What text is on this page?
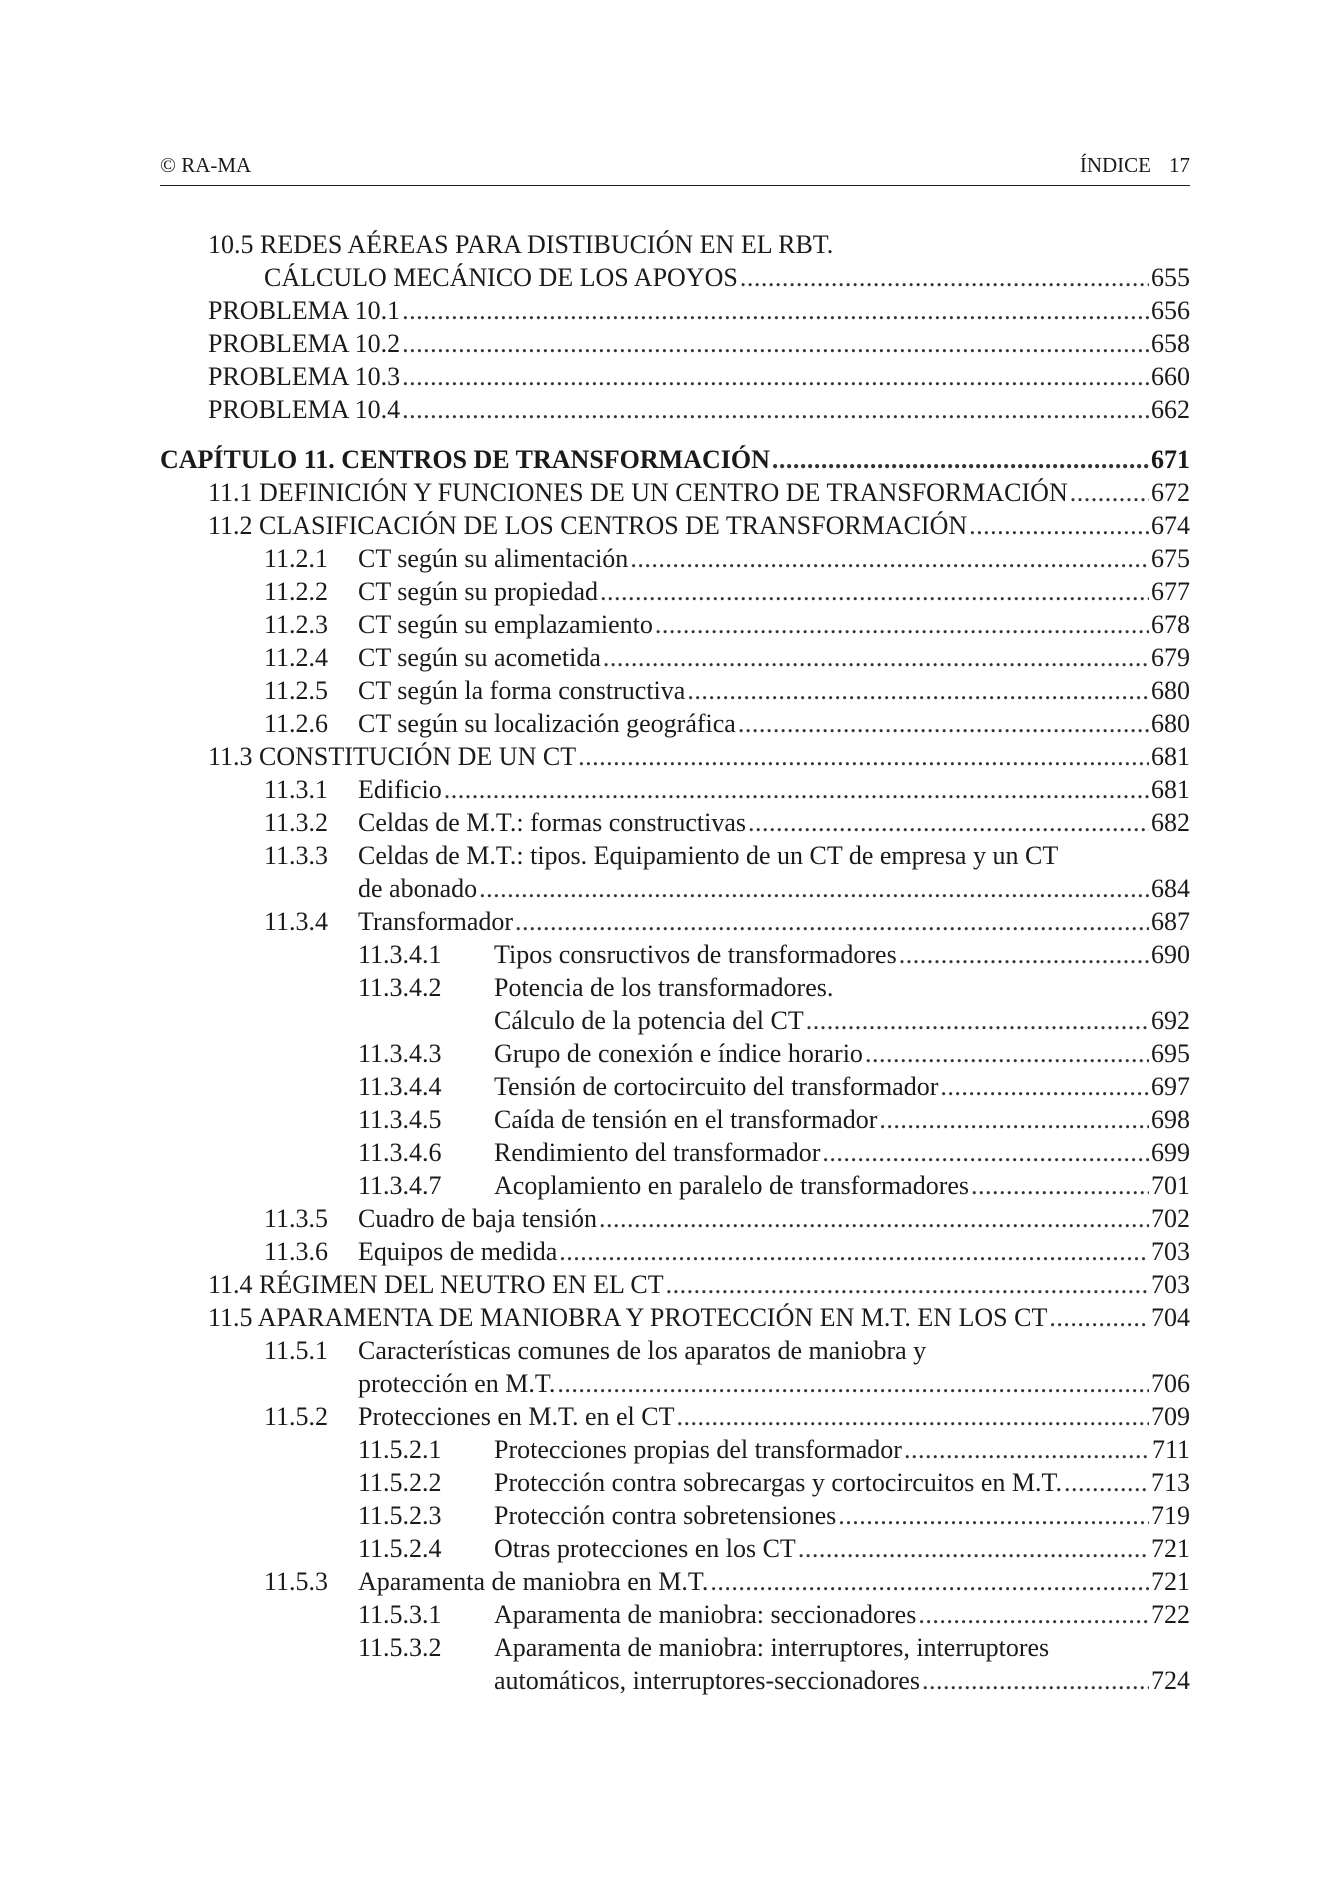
© RA-MA	ÍNDICE 17
10.5 REDES AÉREAS PARA DISTIBUCIÓN EN EL RBT.
CÁLCULO MECÁNICO DE LOS APOYOS .....	655
PROBLEMA 10.1 .....	656
PROBLEMA 10.2 .....	658
PROBLEMA 10.3 .....	660
PROBLEMA 10.4 .....	662
CAPÍTULO 11. CENTROS DE TRANSFORMACIÓN .....	671
11.1 DEFINICIÓN Y FUNCIONES DE UN CENTRO DE TRANSFORMACIÓN .....	672
11.2 CLASIFICACIÓN DE LOS CENTROS DE TRANSFORMACIÓN .....	674
11.2.1	CT según su alimentación .....	675
11.2.2	CT según su propiedad .....	677
11.2.3	CT según su emplazamiento .....	678
11.2.4	CT según su acometida .....	679
11.2.5	CT según la forma constructiva .....	680
11.2.6	CT según su localización geográfica .....	680
11.3 CONSTITUCIÓN DE UN CT .....	681
11.3.1	Edificio .....	681
11.3.2	Celdas de M.T.: formas constructivas .....	682
11.3.3	Celdas de M.T.: tipos. Equipamiento de un CT de empresa y un CT
de abonado .....	684
11.3.4	Transformador .....	687
11.3.4.1	Tipos consructivos de transformadores .....	690
11.3.4.2	Potencia de los transformadores.
Cálculo de la potencia del CT .....	692
11.3.4.3	Grupo de conexión e índice horario .....	695
11.3.4.4	Tensión de cortocircuito del transformador .....	697
11.3.4.5	Caída de tensión en el transformador .....	698
11.3.4.6	Rendimiento del transformador .....	699
11.3.4.7	Acoplamiento en paralelo de transformadores .....	701
11.3.5	Cuadro de baja tensión .....	702
11.3.6	Equipos de medida .....	703
11.4 RÉGIMEN DEL NEUTRO EN EL CT .....	703
11.5 APARAMENTA DE MANIOBRA Y PROTECCIÓN EN M.T. EN LOS CT .....	704
11.5.1	Características comunes de los aparatos de maniobra y
protección en M.T. .....	706
11.5.2	Protecciones en M.T. en el CT .....	709
11.5.2.1	Protecciones propias del transformador .....	711
11.5.2.2	Protección contra sobrecargas y cortocircuitos en M.T. .....	713
11.5.2.3	Protección contra sobretensiones .....	719
11.5.2.4	Otras protecciones en los CT .....	721
11.5.3	Aparamenta de maniobra en M.T. .....	721
11.5.3.1	Aparamenta de maniobra: seccionadores .....	722
11.5.3.2	Aparamenta de maniobra: interruptores, interruptores
automáticos, interruptores-seccionadores .....	724
